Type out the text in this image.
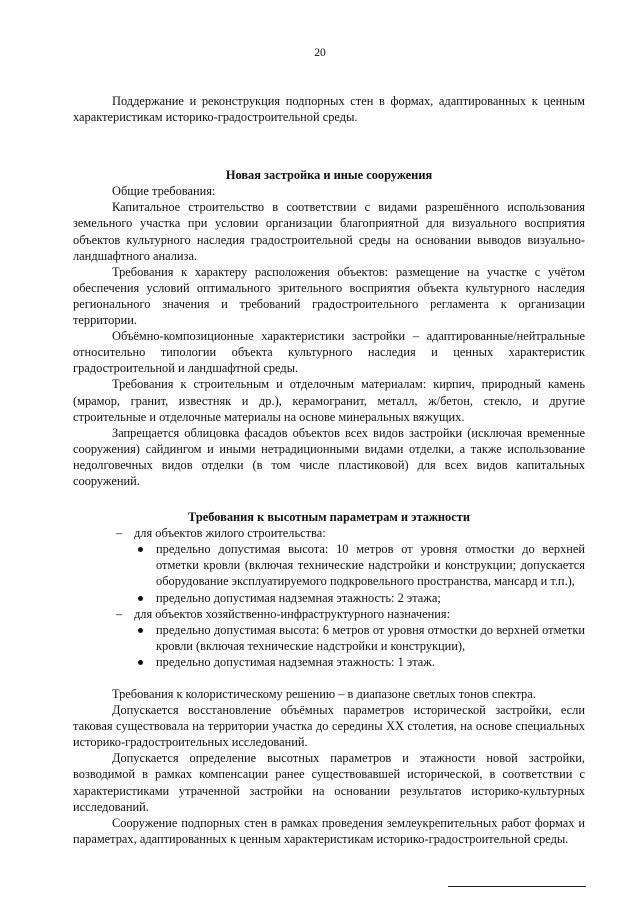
20

Поддержание и реконструкция подпорных стен в формах, адаптированных к ценным характеристикам историко-градостроительной среды.

Новая застройка и иные сооружения

Общие требования:

Капитальное строительство в соответствии с видами разрешённого использования земельного участка при условии организации благоприятной для визуального восприятия объектов культурного наследия градостроительной среды на основании выводов визуально-ландшафтного анализа.

Требования к характеру расположения объектов: размещение на участке с учётом обеспечения условий оптимального зрительного восприятия объекта культурного наследия регионального значения и требований градостроительного регламента к организации территории.

Объёмно-композиционные характеристики застройки – адаптированные/нейтральные относительно типологии объекта культурного наследия и ценных характеристик градостроительной и ландшафтной среды.

Требования к строительным и отделочным материалам: кирпич, природный камень (мрамор, гранит, известняк и др.), керамогранит, металл, ж/бетон, стекло, и другие строительные и отделочные материалы на основе минеральных вяжущих.

Запрещается облицовка фасадов объектов всех видов застройки (исключая временные сооружения) сайдингом и иными нетрадиционными видами отделки, а также использование недолговечных видов отделки (в том числе пластиковой) для всех видов капитальных сооружений.

Требования к высотным параметрам и этажности

– для объектов жилого строительства:

предельно допустимая высота: 10 метров от уровня отмостки до верхней отметки кровли (включая технические надстройки и конструкции; допускается оборудование эксплуатируемого подкровельного пространства, мансард и т.п.),
предельно допустимая надземная этажность: 2 этажа;

– для объектов хозяйственно-инфраструктурного назначения:

предельно допустимая высота: 6 метров от уровня отмостки до верхней отметки кровли (включая технические надстройки и конструкции),
предельно допустимая надземная этажность: 1 этаж.

Требования к колористическому решению – в диапазоне светлых тонов спектра.

Допускается восстановление объёмных параметров исторической застройки, если таковая существовала на территории участка до середины XX столетия, на основе специальных историко-градостроительных исследований.

Допускается определение высотных параметров и этажности новой застройки, возводимой в рамках компенсации ранее существовавшей исторической, в соответствии с характеристиками утраченной застройки на основании результатов историко-культурных исследований.

Сооружение подпорных стен в рамках проведения землеукрепительных работ формах и параметрах, адаптированных к ценным характеристикам историко-градостроительной среды.
